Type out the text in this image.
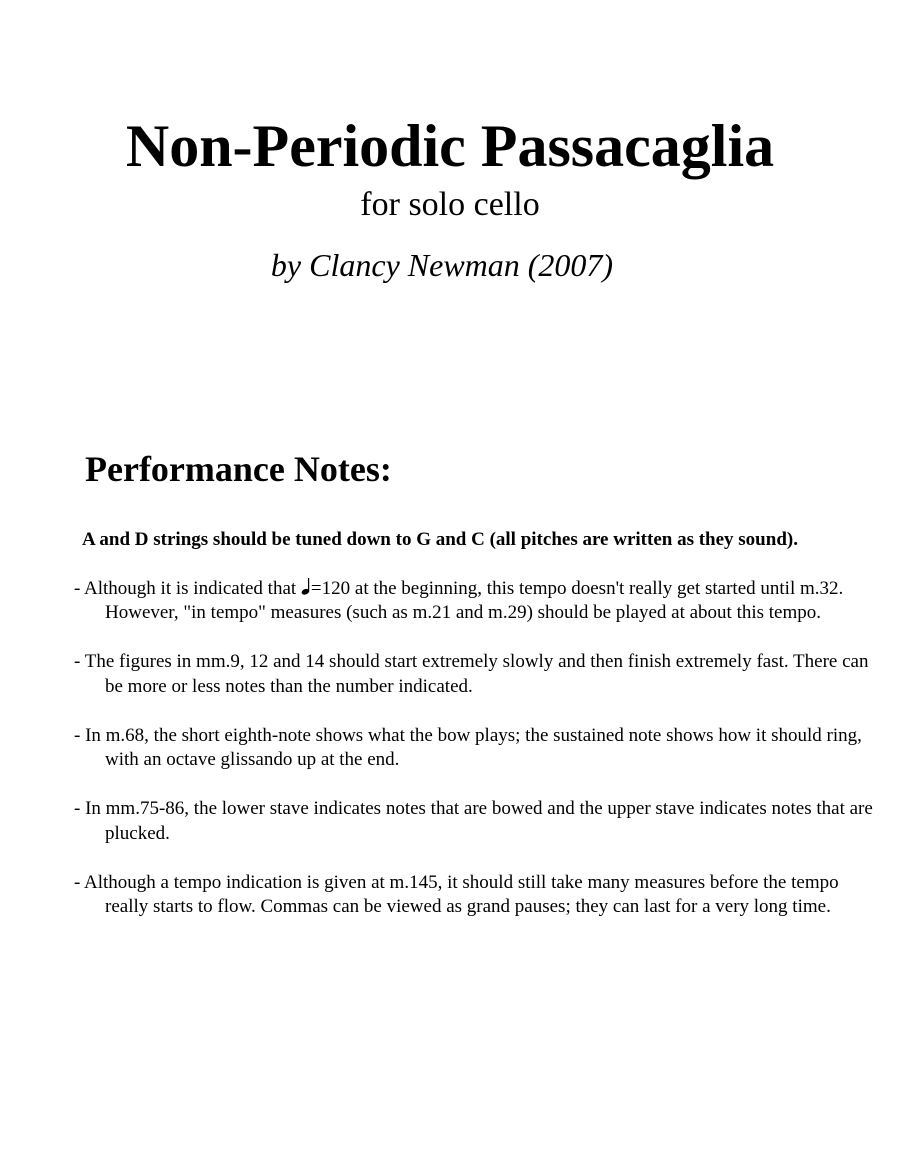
Non-Periodic Passacaglia
for solo cello
by Clancy Newman (2007)
Performance Notes:

A and D strings should be tuned down to G and C (all pitches are written as they sound).

- Although it is indicated that =120 at the beginning, this tempo doesn't really get started until m.32. However, "in tempo" measures (such as m.21 and m.29) should be played at about this tempo.

- The figures in mm.9, 12 and 14 should start extremely slowly and then finish extremely fast. There can be more or less notes than the number indicated.

- In m.68, the short eighth-note shows what the bow plays; the sustained note shows how it should ring, with an octave glissando up at the end.

- In mm.75-86, the lower stave indicates notes that are bowed and the upper stave indicates notes that are plucked.

- Although a tempo indication is given at m.145, it should still take many measures before the tempo really starts to flow. Commas can be viewed as grand pauses; they can last for a very long time.
